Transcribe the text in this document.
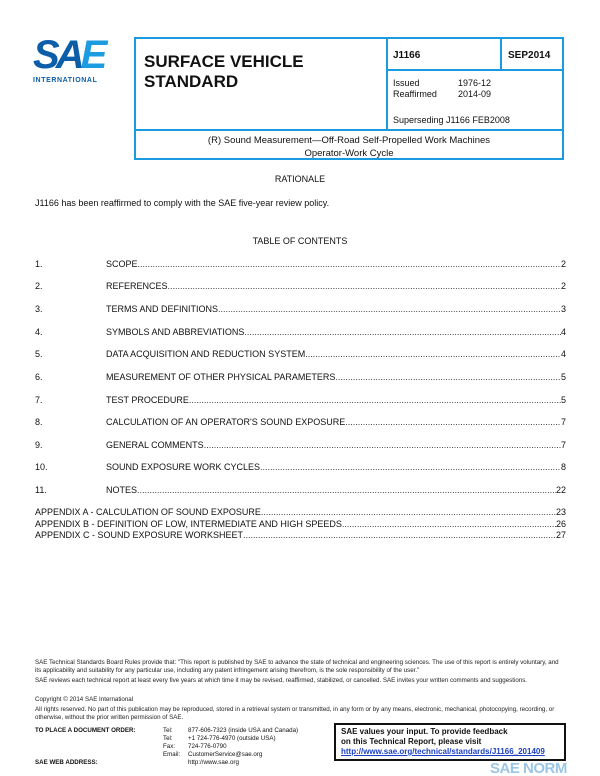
SAE
INTERNATIONAL
SURFACE VEHICLE
STANDARD
J1166	SEP2014
Issued	1976-12
Reaffirmed 2014-09
Superseding J1166 FEB2008
(R) Sound Measurement—Off-Road Self-Propelled Work Machines
Operator-Work Cycle
RATIONALE
J1166 has been reaffirmed to comply with the SAE five-year review policy.
TABLE OF CONTENTS
1.	SCOPE .....	2
2.	REFERENCES .....	2
3.	TERMS AND DEFINITIONS .....	3
4.	SYMBOLS AND ABBREVIATIONS .....	4
5.	DATA ACQUISITION AND REDUCTION SYSTEM .....	4
6.	MEASUREMENT OF OTHER PHYSICAL PARAMETERS .....	5
7.	TEST PROCEDURE .....	5
8.	CALCULATION OF AN OPERATOR'S SOUND EXPOSURE .....	7
9.	GENERAL COMMENTS .....	7
10.	SOUND EXPOSURE WORK CYCLES .....	8
11.	NOTES .....	22
APPENDIX A - CALCULATION OF SOUND EXPOSURE .....	23
APPENDIX B - DEFINITION OF LOW, INTERMEDIATE AND HIGH SPEEDS .....	26
APPENDIX C - SOUND EXPOSURE WORKSHEET .....	27
SAE Technical Standards Board Rules provide that: "This report is published by SAE to advance the state of technical and engineering sciences. The use of this report is entirely voluntary, and its applicability and suitability for any particular use, including any patent infringement arising therefrom, is the sole responsibility of the user."
SAE reviews each technical report at least every five years at which time it may be revised, reaffirmed, stabilized, or cancelled. SAE invites your written comments and suggestions.
Copyright © 2014 SAE International
All rights reserved. No part of this publication may be reproduced, stored in a retrieval system or transmitted, in any form or by any means, electronic, mechanical, photocopying, recording, or otherwise, without the prior written permission of SAE.
TO PLACE A DOCUMENT ORDER:	Tel: 877-606-7323 (inside USA and Canada)
Tel: +1 724-776-4970 (outside USA)
Fax: 724-776-0790
Email: CustomerService@sae.org
SAE WEB ADDRESS:	http://www.sae.org
SAE values your input. To provide feedback
on this Technical Report, please visit
http://www.sae.org/technical/standards/J1166_201409
SAE NORM
